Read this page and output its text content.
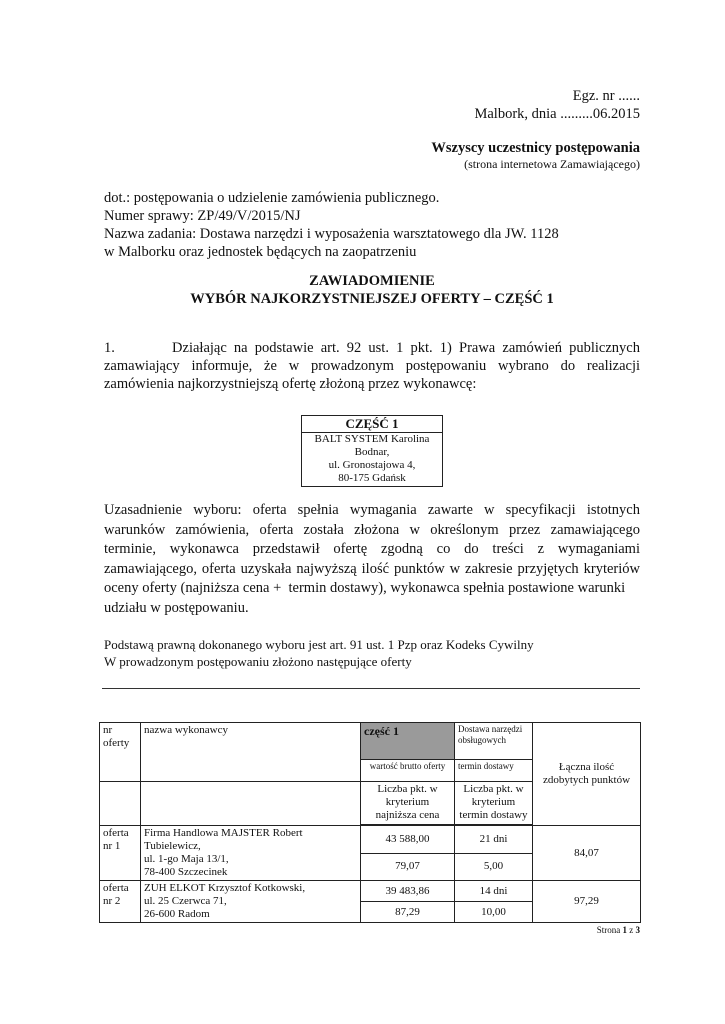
Egz. nr ......
Malbork, dnia .........06.2015
Wszyscy uczestnicy postępowania
(strona internetowa Zamawiającego)
dot.: postępowania o udzielenie zamówienia publicznego.
Numer sprawy: ZP/49/V/2015/NJ
Nazwa zadania: Dostawa narzędzi i wyposażenia warsztatowego dla JW. 1128
w Malborku oraz jednostek będących na zaopatrzeniu
ZAWIADOMIENIE
WYBÓR NAJKORZYSTNIEJSZEJ OFERTY – CZĘŚĆ 1
1.        Działając na podstawie art. 92 ust. 1 pkt. 1) Prawa zamówień publicznych
zamawiający informuje, że w prowadzonym postępowaniu wybrano do realizacji
zamówienia najkorzystniejszą ofertę złożoną przez wykonawcę:
CZĘŚĆ 1
BALT SYSTEM Karolina
Bodnar,
ul. Gronostajowa 4,
80-175 Gdańsk
Uzasadnienie wyboru: oferta spełnia wymagania zawarte w specyfikacji istotnych
warunków zamówienia, oferta została złożona w określonym przez zamawiającego
terminie, wykonawca przedstawił ofertę zgodną co do treści z wymaganiami
zamawiającego, oferta uzyskała najwyższą ilość punktów w zakresie przyjętych kryteriów
oceny oferty (najniższa cena +  termin dostawy), wykonawca spełnia postawione warunki
udziału w postępowaniu.
Podstawą prawną dokonanego wyboru jest art. 91 ust. 1 Pzp oraz Kodeks Cywilny
W prowadzonym postępowaniu złożono następujące oferty
nr oferty	nazwa wykonawcy	część 1	Dostawa narzędzi obsługowych	Łączna ilość zdobytych punktów
		wartość brutto oferty	termin dostawy	
		Liczba pkt. w kryterium najniższa cena	Liczba pkt. w kryterium termin dostawy	

oferta nr 1	Firma Handlowa MAJSTER Robert
Tubielewicz,
ul. 1-go Maja 13/1,
78-400 Szczecinek	43 588,00	21 dni	84,07
		79,07	5,00	
oferta nr 2	ZUH ELKOT Krzysztof Kotkowski,
ul. 25 Czerwca 71,
26-600 Radom	39 483,86	14 dni	97,29
		87,29	10,00	
Strona 1 z 3
